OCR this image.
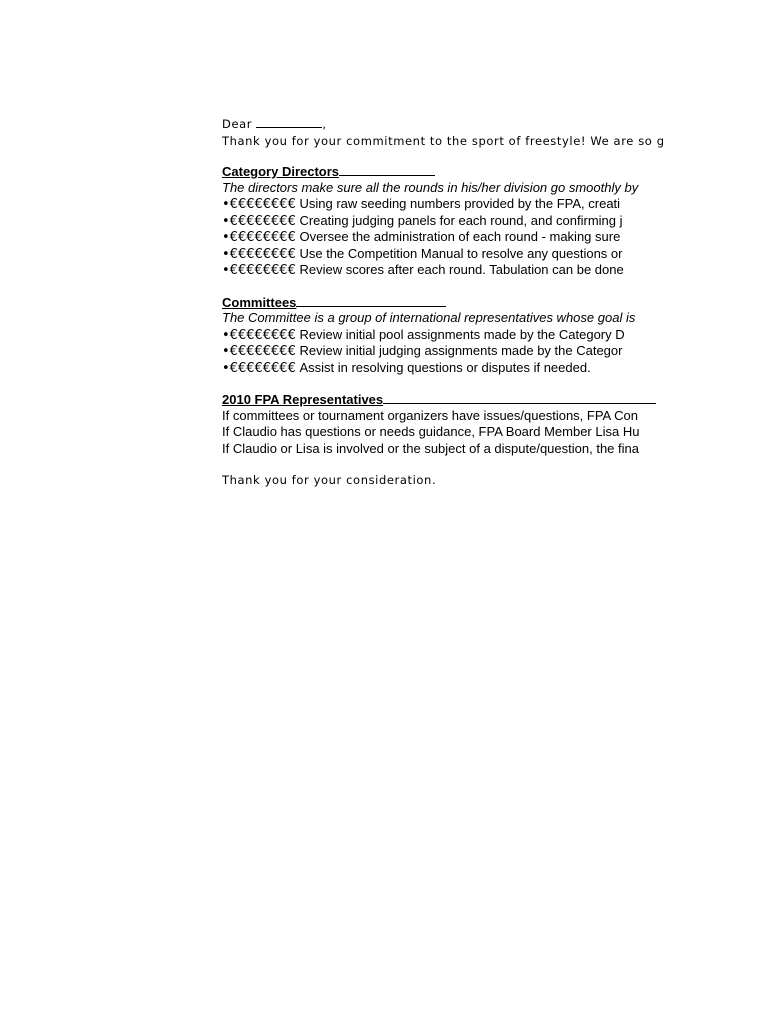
Dear	,
Thank you for your commitment to the sport of freestyle! We are so g
Category Directors
The directors make sure all the rounds in his/her division go smoothly by
•€€€€€€€€ Using raw seeding numbers provided by the FPA, creati
•€€€€€€€€ Creating judging panels for each round, and confirming j
•€€€€€€€€ Oversee the administration of each round - making sure
•€€€€€€€€ Use the Competition Manual to resolve any questions or
•€€€€€€€€ Review scores after each round. Tabulation can be done
Committees
The Committee is a group of international representatives whose goal is
•€€€€€€€€ Review initial pool assignments made by the Category D
•€€€€€€€€ Review initial judging assignments made by the Categor
•€€€€€€€€ Assist in resolving questions or disputes if needed.
2010 FPA Representatives
If committees or tournament organizers have issues/questions, FPA Con
If Claudio has questions or needs guidance, FPA Board Member Lisa Hu
If Claudio or Lisa is involved or the subject of a dispute/question, the fina
Thank you for your consideration.
